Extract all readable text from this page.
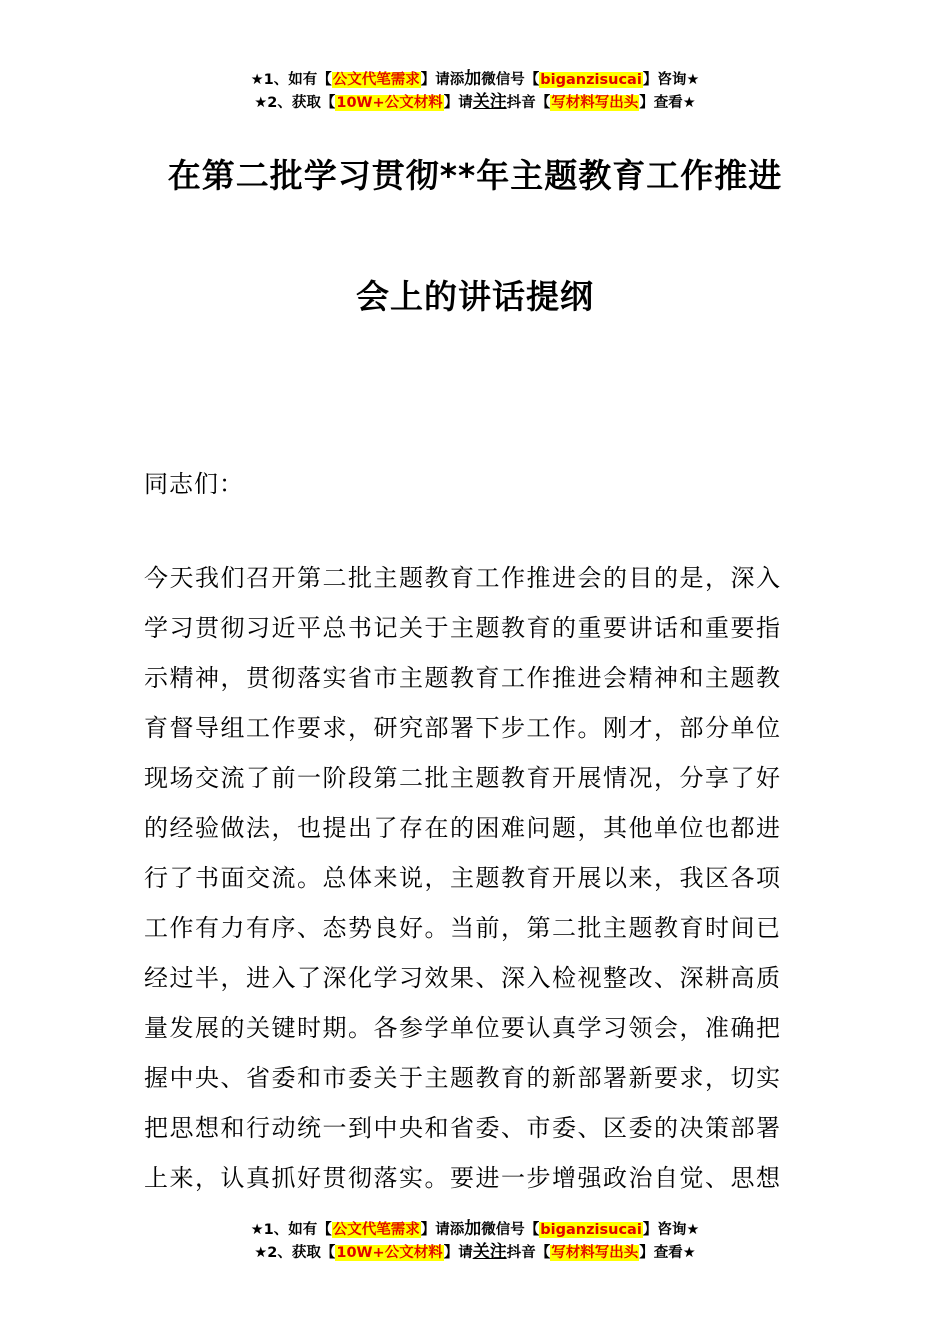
★1、如有【公文代笔需求】请添加微信号【biganzisucai】咨询★
★2、获取【10W+公文材料】请关注抖音【写材料写出头】查看★
在第二批学习贯彻**年主题教育工作推进
会上的讲话提纲
同志们：
今天我们召开第二批主题教育工作推进会的目的是，深入
学习贯彻习近平总书记关于主题教育的重要讲话和重要指
示精神，贯彻落实省市主题教育工作推进会精神和主题教
育督导组工作要求，研究部署下步工作。刚才，部分单位
现场交流了前一阶段第二批主题教育开展情况，分享了好
的经验做法，也提出了存在的困难问题，其他单位也都进
行了书面交流。总体来说，主题教育开展以来，我区各项
工作有力有序、态势良好。当前，第二批主题教育时间已
经过半，进入了深化学习效果、深入检视整改、深耕高质
量发展的关键时期。各参学单位要认真学习领会，准确把
握中央、省委和市委关于主题教育的新部署新要求，切实
把思想和行动统一到中央和省委、市委、区委的决策部署
上来，认真抓好贯彻落实。要进一步增强政治自觉、思想
★1、如有【公文代笔需求】请添加微信号【biganzisucai】咨询★
★2、获取【10W+公文材料】请关注抖音【写材料写出头】查看★
